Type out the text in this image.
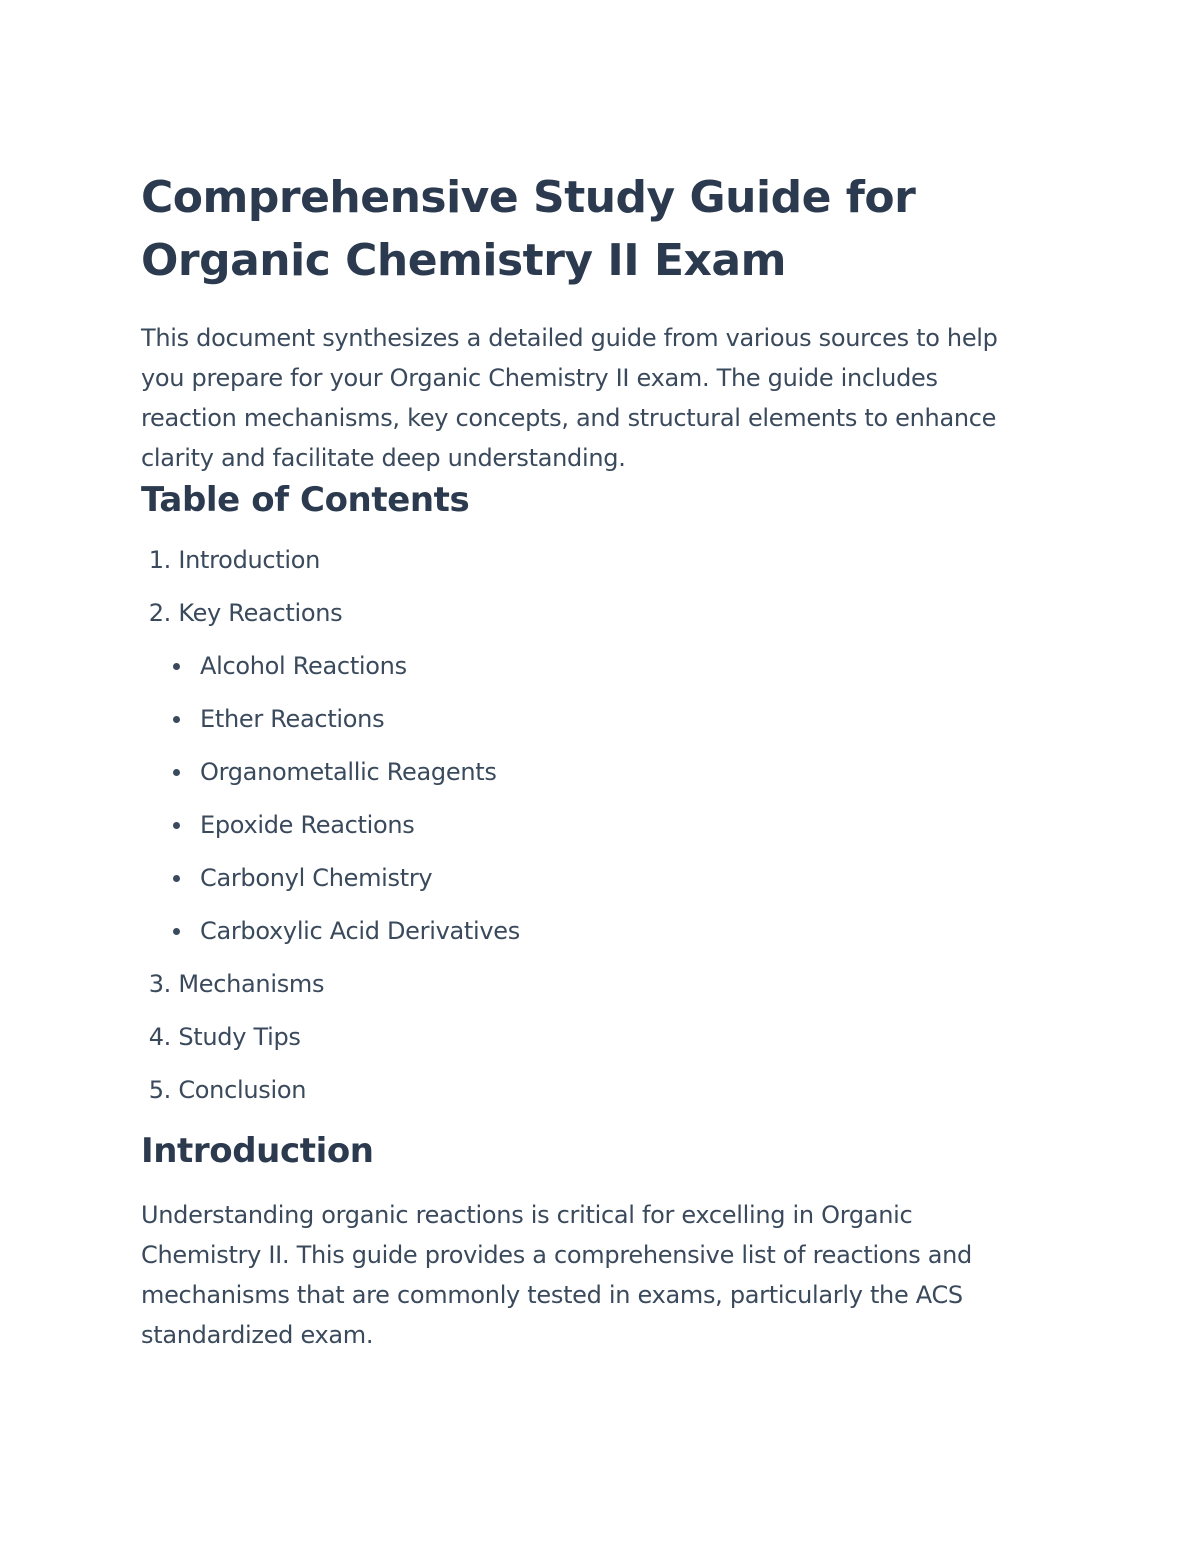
Comprehensive Study Guide for
Organic Chemistry II Exam

This document synthesizes a detailed guide from various sources to help
you prepare for your Organic Chemistry II exam. The guide includes
reaction mechanisms, key concepts, and structural elements to enhance
clarity and facilitate deep understanding.

Table of Contents
1. Introduction
2. Key Reactions
Alcohol Reactions
Ether Reactions
Organometallic Reagents
Epoxide Reactions
Carbonyl Chemistry
Carboxylic Acid Derivatives
3. Mechanisms
4. Study Tips
5. Conclusion
Introduction

Understanding organic reactions is critical for excelling in Organic
Chemistry II. This guide provides a comprehensive list of reactions and
mechanisms that are commonly tested in exams, particularly the ACS
standardized exam.
